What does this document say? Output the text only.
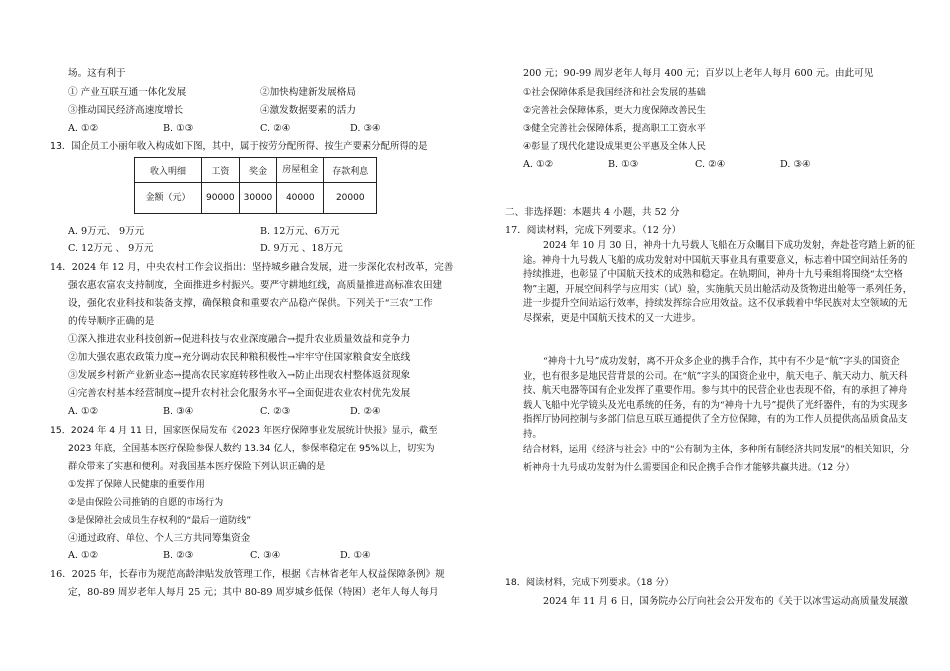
场。这有利于
① 产业互联互通一体化发展	②加快构建新发展格局
③推动国民经济高速度增长	④激发数据要素的活力
A. ①②	B. ①③	C. ②④	D. ③④
13．国企员工小丽年收入构成如下图，其中，属于按劳分配所得、按生产要素分配所得的是
收入明细	工资	奖金	房屋租金	存款利息
金额（元）	90000	30000	40000	20000
A. 9万元、 9万元	B. 12万元、6万元
C. 12万元 、 9万元	D. 9万元 、18万元
14．2024 年 12 月，中央农村工作会议指出：坚持城乡融合发展，进一步深化农村改革，完善
强农惠农富农支持制度，全面推进乡村振兴。要严守耕地红线，高质量推进高标准农田建
设，强化农业科技和装备支撑，确保粮食和重要农产品稳产保供。下列关于“三农”工作
的传导顺序正确的是
①深入推进农业科技创新→促进科技与农业深度融合→提升农业质量效益和竞争力
②加大强农惠农政策力度→充分调动农民种粮积极性→牢牢守住国家粮食安全底线
③发展乡村新产业新业态→提高农民家庭转移性收入→防止出现农村整体返贫现象
④完善农村基本经营制度→提升农村社会化服务水平→全面促进农业农村优先发展
A. ①②	B. ③④	C. ②③	D. ②④
15．2024 年 4 月 11 日，国家医保局发布《2023 年医疗保障事业发展统计快报》显示，截至
2023 年底，全国基本医疗保险参保人数约 13.34 亿人，参保率稳定在 95%以上，切实为
群众带来了实惠和便利。对我国基本医疗保险下列认识正确的是
①发挥了保障人民健康的重要作用
②是由保险公司推销的自愿的市场行为
③是保障社会成员生存权利的“最后一道防线”
④通过政府、单位、个人三方共同筹集资金
A. ①②	B. ②③	C. ③④	D. ①④
16．2025 年，长春市为规范高龄津贴发放管理工作，根据《吉林省老年人权益保障条例》规
定，80-89 周岁老年人每月 25 元；其中 80-89 周岁城乡低保（特困）老年人每人每月
200 元；90-99 周岁老年人每月 400 元；百岁以上老年人每月 600 元。由此可见
①社会保障体系是我国经济和社会发展的基础
②完善社会保障体系，更大力度保障改善民生
③健全完善社会保障体系，提高职工工资水平
④彰显了现代化建设成果更公平惠及全体人民
A. ①②	B. ①③	C. ②④	D. ③④
二、非选择题：本题共 4 小题，共 52 分
17．阅读材料，完成下列要求。（12 分）
2024 年 10 月 30 日，神舟十九号载人飞船在万众瞩目下成功发射，奔赴苍穹踏上新的征途。神舟十九号载人飞船的成功发射对中国航天事业具有重要意义，标志着中国空间站任务的持续推进，也彰显了中国航天技术的成熟和稳定。在轨期间，神舟十九号乘组将围绕“太空格物”主题，开展空间科学与应用实（试）验，实施航天员出舱活动及货物进出舱等一系列任务，进一步提升空间站运行效率，持续发挥综合应用效益。这不仅承载着中华民族对太空领域的无尽探索，更是中国航天技术的又一大进步。
“神舟十九号”成功发射，离不开众多企业的携手合作，其中有不少是“航”字头的国资企业，也有很多是地民营背景的公司。在“航”字头的国资企业中，航天电子、航天动力、航天科技、航天电器等国有企业发挥了重要作用。参与其中的民营企业也表现不俗，有的承担了神舟载人飞船中光学镜头及光电系统的任务，有的为“神舟十九号”提供了光纤器件，有的为实现多指挥厅协同控制与多部门信息互联互通提供了全方位保障，有的为工作人员提供高品质食品支持。
结合材料，运用《经济与社会》中的“公有制为主体，多种所有制经济共同发展”的相关知识，分析神舟十九号成功发射为什么需要国企和民企携手合作才能够共赢共进。（12 分）
18．阅读材料，完成下列要求。（18 分）
2024 年 11 月 6 日，国务院办公厅向社会公开发布的《关于以冰雪运动高质量发展激
